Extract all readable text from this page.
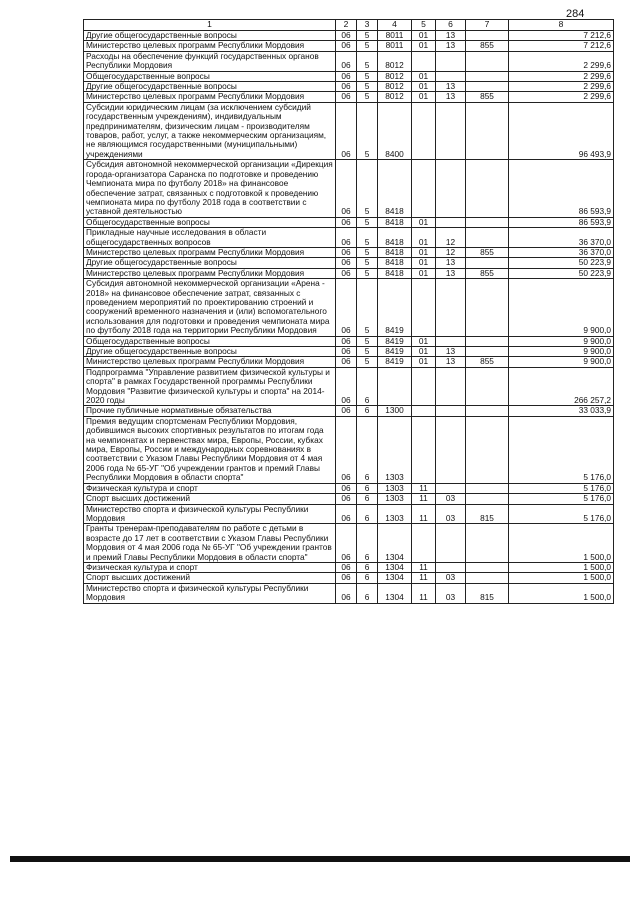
284
1	2	3	4	5	6	7	8
Другие общегосударственные вопросы	06	5	8011	01	13		7 212,6
Министерство целевых программ Республики Мордовия	06	5	8011	01	13	855	7 212,6
Расходы на обеспечение функций государственных органов Республики Мордовия	06	5	8012				2 299,6
Общегосударственные вопросы	06	5	8012	01			2 299,6
Другие общегосударственные вопросы	06	5	8012	01	13		2 299,6
Министерство целевых программ Республики Мордовия	06	5	8012	01	13	855	2 299,6
Субсидии юридическим лицам (за исключением субсидий государственным учреждениям), индивидуальным предпринимателям, физическим лицам - производителям товаров, работ, услуг, а также некоммерческим организациям, не являющимся государственными (муниципальными) учреждениями	06	5	8400				96 493,9
Субсидия автономной некоммерческой организации «Дирекция города-организатора Саранска по подготовке и проведению Чемпионата мира по футболу 2018» на финансовое обеспечение затрат, связанных с подготовкой к проведению чемпионата мира по футболу 2018 года в соответствии с уставной деятельностью	06	5	8418				86 593,9
Общегосударственные вопросы	06	5	8418	01			86 593,9
Прикладные научные исследования в области общегосударственных вопросов	06	5	8418	01	12		36 370,0
Министерство целевых программ Республики Мордовия	06	5	8418	01	12	855	36 370,0
Другие общегосударственные вопросы	06	5	8418	01	13		50 223,9
Министерство целевых программ Республики Мордовия	06	5	8418	01	13	855	50 223,9
Субсидия автономной некоммерческой организации «Арена - 2018» на финансовое обеспечение затрат, связанных с проведением мероприятий по проектированию строений и сооружений временного назначения и (или) вспомогательного использования для подготовки и проведения чемпионата мира по футболу 2018 года на территории Республики Мордовия	06	5	8419				9 900,0
Общегосударственные вопросы	06	5	8419	01			9 900,0
Другие общегосударственные вопросы	06	5	8419	01	13		9 900,0
Министерство целевых программ Республики Мордовия	06	5	8419	01	13	855	9 900,0
Подпрограмма "Управление развитием физической культуры и спорта" в рамках Государственной программы Республики Мордовия "Развитие физической культуры и спорта" на 2014-2020 годы	06	6					266 257,2
Прочие публичные нормативные обязательства	06	6	1300				33 033,9
Премия ведущим спортсменам Республики Мордовия, добившимся высоких спортивных результатов по итогам года на чемпионатах и первенствах мира, Европы, России, кубках мира, Европы, России и международных соревнованиях в соответствии с Указом Главы Республики Мордовия от 4 мая 2006 года № 65-УГ "Об учреждении грантов и премий Главы Республики Мордовия в области спорта"	06	6	1303				5 176,0
Физическая культура и спорт	06	6	1303	11			5 176,0
Спорт высших достижений	06	6	1303	11	03		5 176,0
Министерство спорта и физической культуры Республики Мордовия	06	6	1303	11	03	815	5 176,0
Гранты тренерам-преподавателям по работе с детьми в возрасте до 17 лет в соответствии с Указом Главы Республики Мордовия от 4 мая 2006 года № 65-УГ "Об учреждении грантов и премий Главы Республики Мордовия в области спорта"	06	6	1304				1 500,0
Физическая культура и спорт	06	6	1304	11			1 500,0
Спорт высших достижений	06	6	1304	11	03		1 500,0
Министерство спорта и физической культуры Республики Мордовия	06	6	1304	11	03	815	1 500,0
